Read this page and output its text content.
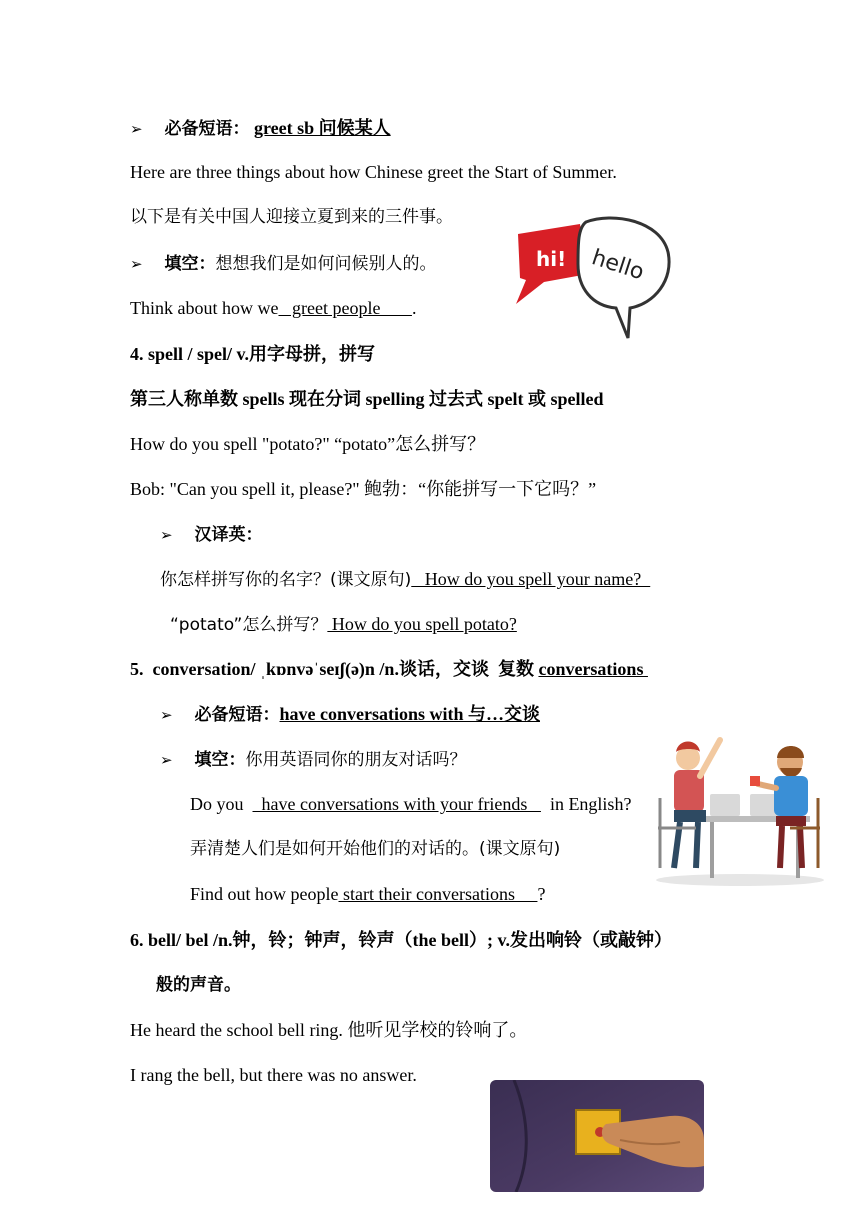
➢ 必备短语： greet sb 问候某人
Here are three things about how Chinese greet the Start of Summer.
以下是有关中国人迎接立夏到来的三件事。
➢ 填空：想想我们是如何问候别人的。
Think about how we   greet people       .
hi! hello
4. spell / spel/ v.用字母拼，拼写
第三人称单数 spells 现在分词 spelling 过去式 spelt 或 spelled
How do you spell "potato?" “potato”怎么拼写？
Bob: "Can you spell it, please?" 鲍勃：“你能拼写一下它吗？”
➢ 汉译英：
你怎样拼写你的名字？(课文原句)   How do you spell your name?
“potato”怎么拼写？ How do you spell potato?
5.  conversation/ ˌkɒnvəˈseɪʃ(ə)n /n.谈话，交谈  复数 conversations
➢ 必备短语：have conversations with 与…交谈
➢ 填空：你用英语同你的朋友对话吗？
Do you    have conversations with your friends     in English?
弄清楚人们是如何开始他们的对话的。(课文原句)
Find out how people start their conversations     ?
6. bell/ bel /n.钟，铃；钟声，铃声（the bell）; v.发出响铃（或敲钟）
般的声音。
He heard the school bell ring. 他听见学校的铃响了。
I rang the bell, but there was no answer.
